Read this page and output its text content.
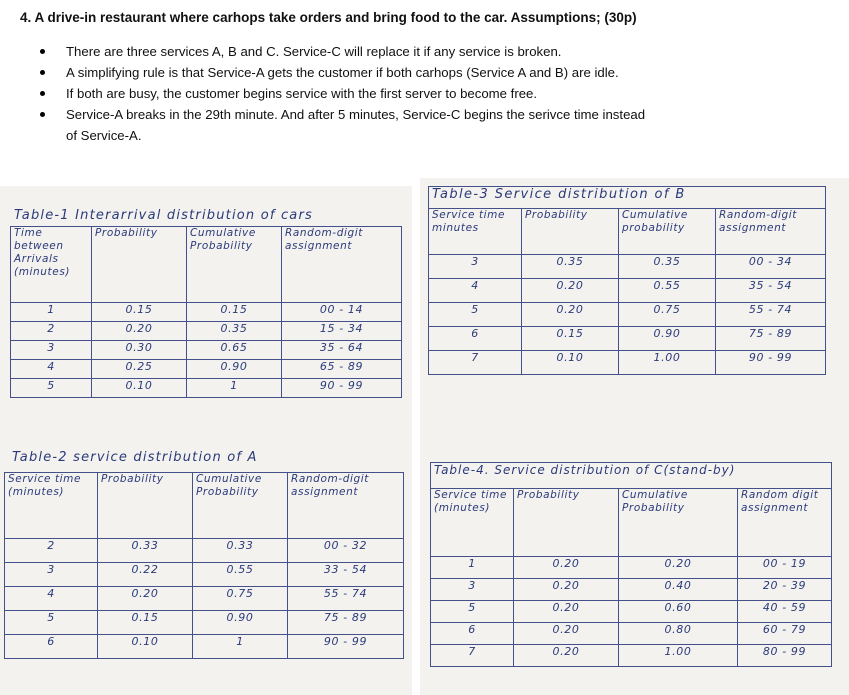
4. A drive-in restaurant where carhops take orders and bring food to the car. Assumptions; (30p)
There are three services A, B and C. Service-C will replace it if any service is broken.
A simplifying rule is that Service-A gets the customer if both carhops (Service A and B) are idle.
If both are busy, the customer begins service with the first server to become free.
Service-A breaks in the 29th minute. And after 5 minutes, Service-C begins the serivce time instead of Service-A.
Table-1 Interarrival distribution of cars
Time between Arrivals (minutes)	Probability	Cumulative Probability	Random-digit assignment
1	0.15	0.15	00 - 14
2	0.20	0.35	15 - 34
3	0.30	0.65	35 - 64
4	0.25	0.90	65 - 89
5	0.10	1	90 - 99
Table-3 Service distribution of B			
Service time minutes	Probability	Cumulative probability	Random-digit assignment
3	0.35	0.35	00 - 34
4	0.20	0.55	35 - 54
5	0.20	0.75	55 - 74
6	0.15	0.90	75 - 89
7	0.10	1.00	90 - 99
Table-2 service distribution of A
Service time (minutes)	Probability	Cumulative Probability	Random-digit assignment
2	0.33	0.33	00 - 32
3	0.22	0.55	33 - 54
4	0.20	0.75	55 - 74
5	0.15	0.90	75 - 89
6	0.10	1	90 - 99
Table-4. Service distribution of C(stand-by)			
Service time (minutes)	Probability	Cumulative Probability	Random digit assignment
1	0.20	0.20	00 - 19
3	0.20	0.40	20 - 39
5	0.20	0.60	40 - 59
6	0.20	0.80	60 - 79
7	0.20	1.00	80 - 99
